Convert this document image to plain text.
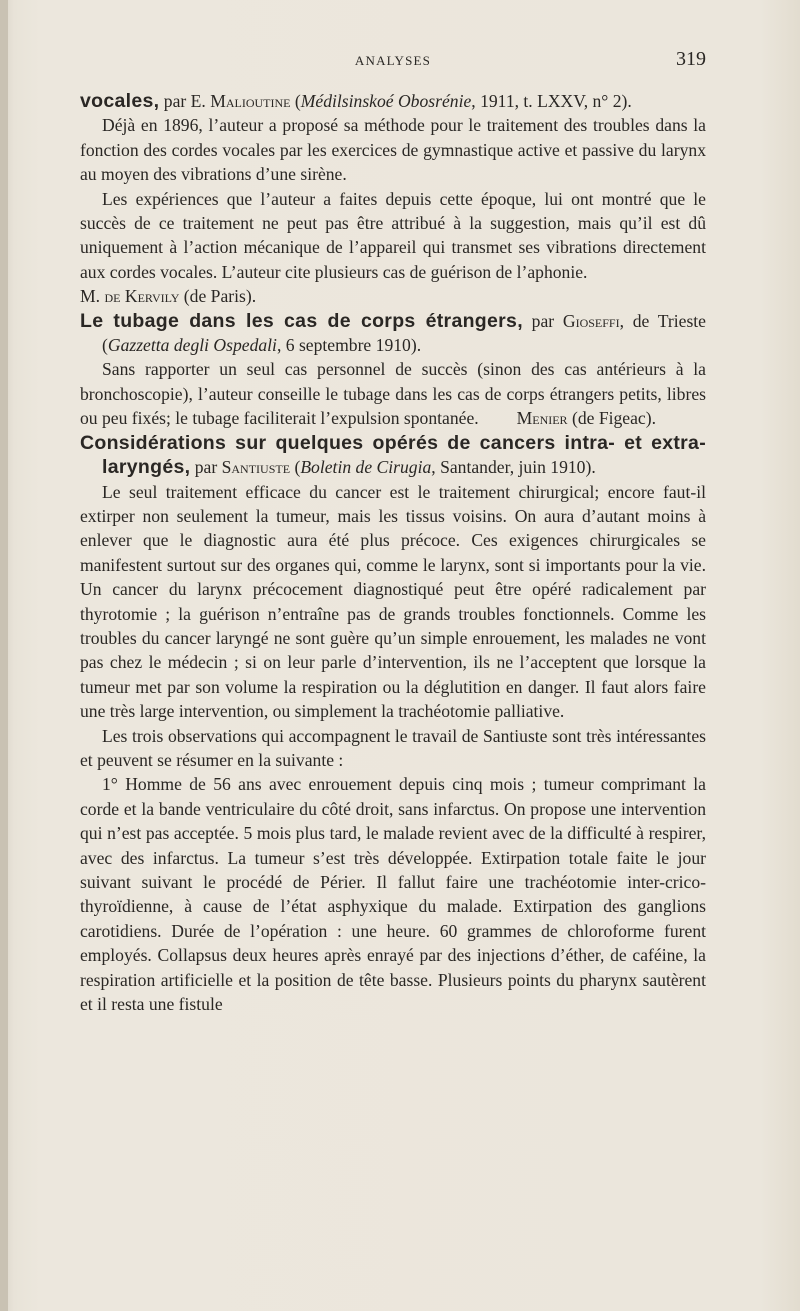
ANALYSES	319

vocales, par E. Malioutine (Médilsinskoé Obosrénie, 1911, t. LXXV, n° 2).

Déjà en 1896, l’auteur a proposé sa méthode pour le traitement des troubles dans la fonction des cordes vocales par les exercices de gymnastique active et passive du larynx au moyen des vibrations d’une sirène.

Les expériences que l’auteur a faites depuis cette époque, lui ont montré que le succès de ce traitement ne peut pas être attribué à la suggestion, mais qu’il est dû uniquement à l’action mécanique de l’appareil qui transmet ses vibrations directement aux cordes vocales. L’auteur cite plusieurs cas de guérison de l’aphonie.

M. de Kervily (de Paris).

Le tubage dans les cas de corps étrangers, par Gioseffi, de Trieste (Gazzetta degli Ospedali, 6 septembre 1910).

Sans rapporter un seul cas personnel de succès (sinon des cas antérieurs à la bronchoscopie), l’auteur conseille le tubage dans les cas de corps étrangers petits, libres ou peu fixés; le tubage faciliterait l’expulsion spontanée.	Menier (de Figeac).

Considérations sur quelques opérés de cancers intra- et extra-laryngés, par Santiuste (Boletin de Cirugia, Santander, juin 1910).

Le seul traitement efficace du cancer est le traitement chirurgical; encore faut-il extirper non seulement la tumeur, mais les tissus voisins. On aura d’autant moins à enlever que le diagnostic aura été plus précoce. Ces exigences chirurgicales se manifestent surtout sur des organes qui, comme le larynx, sont si importants pour la vie. Un cancer du larynx précocement diagnostiqué peut être opéré radicalement par thyrotomie ; la guérison n’entraîne pas de grands troubles fonctionnels. Comme les troubles du cancer laryngé ne sont guère qu’un simple enrouement, les malades ne vont pas chez le médecin ; si on leur parle d’intervention, ils ne l’acceptent que lorsque la tumeur met par son volume la respiration ou la déglutition en danger. Il faut alors faire une très large intervention, ou simplement la trachéotomie palliative.

Les trois observations qui accompagnent le travail de Santiuste sont très intéressantes et peuvent se résumer en la suivante :

1° Homme de 56 ans avec enrouement depuis cinq mois ; tumeur comprimant la corde et la bande ventriculaire du côté droit, sans infarctus. On propose une intervention qui n’est pas acceptée. 5 mois plus tard, le malade revient avec de la difficulté à respirer, avec des infarctus. La tumeur s’est très développée. Extirpation totale faite le jour suivant suivant le procédé de Périer. Il fallut faire une trachéotomie inter-crico-thyroïdienne, à cause de l’état asphyxique du malade. Extirpation des ganglions carotidiens. Durée de l’opération : une heure. 60 grammes de chloroforme furent employés. Collapsus deux heures après enrayé par des injections d’éther, de caféine, la respiration artificielle et la position de tête basse. Plusieurs points du pharynx sautèrent et il resta une fistule
